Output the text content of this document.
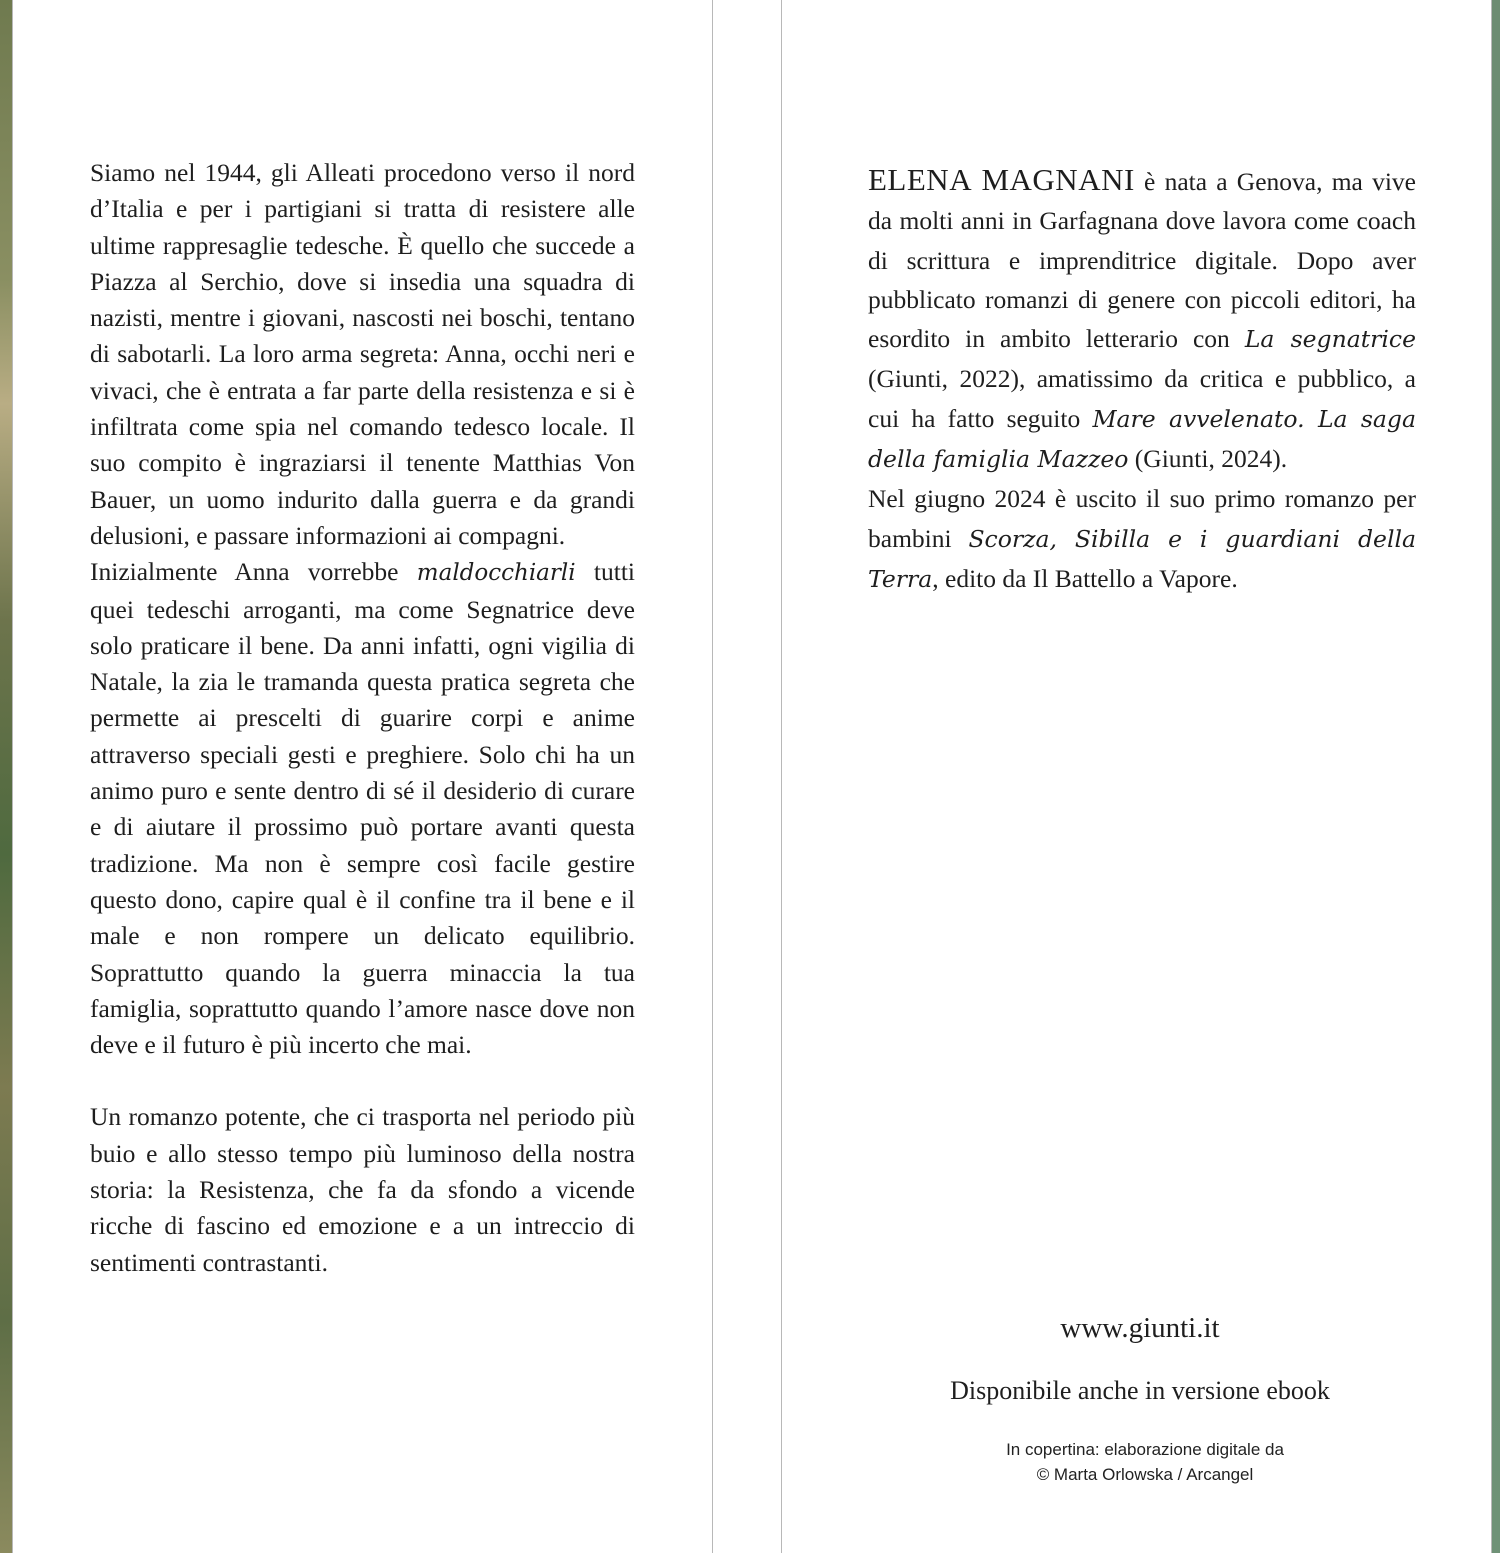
Siamo nel 1944, gli Alleati procedono verso il nord d’Italia e per i partigiani si tratta di resistere alle ultime rappresaglie tedesche. È quello che succede a Piazza al Serchio, dove si insedia una squadra di nazisti, mentre i giovani, nascosti nei boschi, tentano di sabotarli. La loro arma segreta: Anna, occhi neri e vivaci, che è entrata a far parte della resistenza e si è infiltrata come spia nel comando tedesco locale. Il suo compito è ingraziarsi il tenente Matthias Von Bauer, un uomo indurito dalla guerra e da grandi delusioni, e passare informazioni ai compagni.

Inizialmente Anna vorrebbe maldocchiarli tutti quei tedeschi arroganti, ma come Segnatrice deve solo praticare il bene. Da anni infatti, ogni vigilia di Natale, la zia le tramanda questa pratica segreta che permette ai prescelti di guarire corpi e anime attraverso speciali gesti e preghiere. Solo chi ha un animo puro e sente dentro di sé il desiderio di curare e di aiutare il prossimo può portare avanti questa tradizione. Ma non è sempre così facile gestire questo dono, capire qual è il confine tra il bene e il male e non rompere un delicato equilibrio. Soprattutto quando la guerra minaccia la tua famiglia, soprattutto quando l’amore nasce dove non deve e il futuro è più incerto che mai.

Un romanzo potente, che ci trasporta nel periodo più buio e allo stesso tempo più luminoso della nostra storia: la Resistenza, che fa da sfondo a vicende ricche di fascino ed emozione e a un intreccio di sentimenti contrastanti.

ELENA MAGNANI è nata a Genova, ma vive da molti anni in Garfagnana dove lavora come coach di scrittura e imprenditrice digitale. Dopo aver pubblicato romanzi di genere con piccoli editori, ha esordito in ambito letterario con La segnatrice (Giunti, 2022), amatissimo da critica e pubblico, a cui ha fatto seguito Mare avvelenato. La saga della famiglia Mazzeo (Giunti, 2024).

Nel giugno 2024 è uscito il suo primo romanzo per bambini Scorza, Sibilla e i guardiani della Terra, edito da Il Battello a Vapore.

www.giunti.it
Disponibile anche in versione ebook
In copertina: elaborazione digitale da
© Marta Orlowska / Arcangel
